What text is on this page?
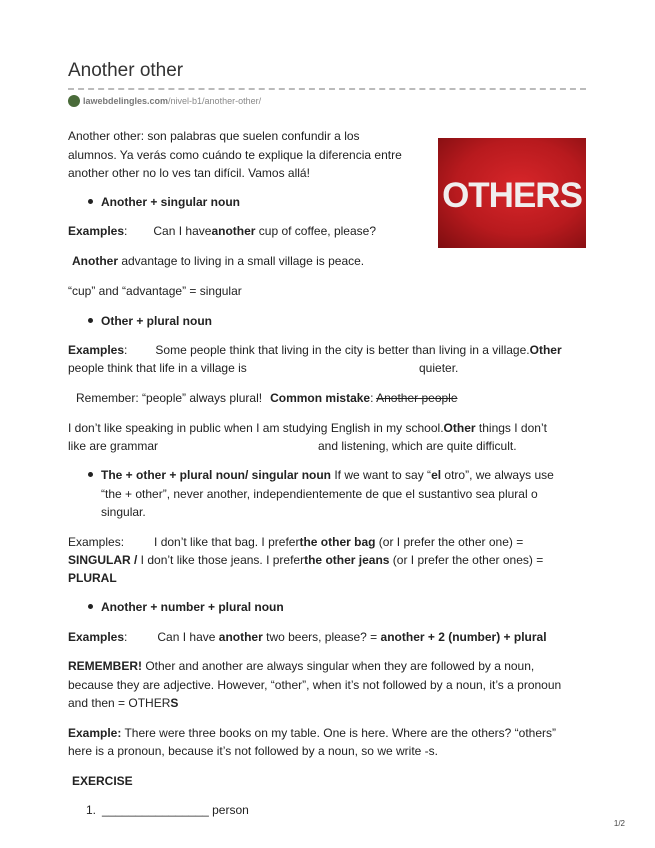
Another other
lawebdelingles.com /nivel-b1/another-other/

Another other: son palabras que suelen confundir a los

alumnos. Ya verás como cuándo te explique la diferencia entre

another other no lo ves tan difícil. Vamos allá!

OTHERS
Another + singular noun

Examples: Can I haveanother cup of coffee, please?

Another advantage to living in a small village is peace.

“cup” and “advantage” = singular

Other + plural noun

Examples: Some people think that living in the city is better than living in a village.Other

people think that life in a village is	quieter.

Remember: “people” always plural! Common mistake: Another people

I don’t like speaking in public when I am studying English in my school.Other things I don’t

like are grammar	and listening, which are quite difficult.

The + other + plural noun/ singular noun If we want to say “el otro”, we always use

“the + other”, never another, independientemente de que el sustantivo sea plural o

singular.

Examples:	I don’t like that bag. I preferthe other bag (or I prefer the other one) =

SINGULAR / I don’t like those jeans. I preferthe other jeans (or I prefer the other ones) =

PLURAL

Another + number + plural noun

Examples:	Can I have another two beers, please? = another + 2 (number) + plural

REMEMBER! Other and another are always singular when they are followed by a noun,

because they are adjective. However, “other”, when it’s not followed by a noun, it’s a pronoun

and then = OTHERS

Example: There were three books on my table. One is here. Where are the others? “others”

here is a pronoun, because it’s not followed by a noun, so we write -s.

EXERCISE

1. ________________ person

1/2
